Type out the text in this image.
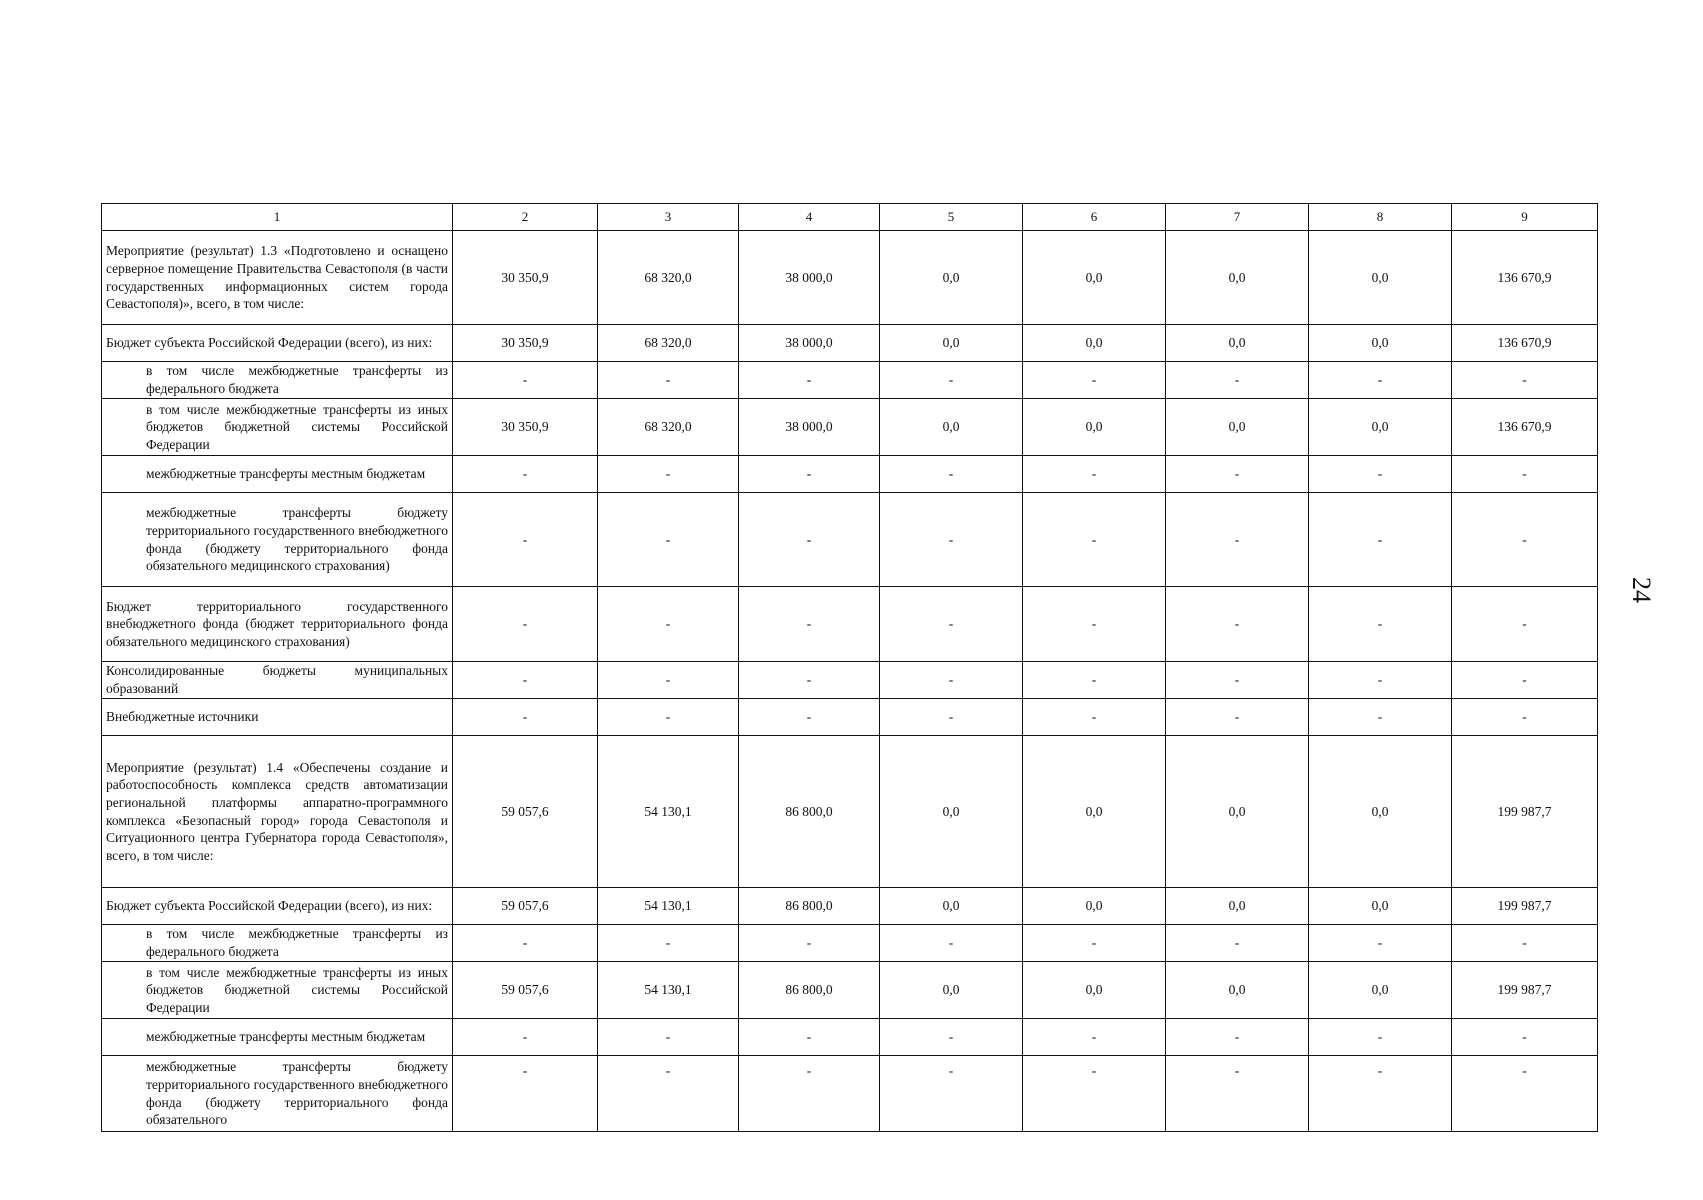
1	2	3	4	5	6	7	8	9
Мероприятие (результат) 1.3 «Подготовлено и оснащено серверное помещение Правительства Севастополя (в части государственных информационных систем города Севастополя)», всего, в том числе:	30 350,9	68 320,0	38 000,0	0,0	0,0	0,0	0,0	136 670,9
Бюджет субъекта Российской Федерации (всего), из них:	30 350,9	68 320,0	38 000,0	0,0	0,0	0,0	0,0	136 670,9
в том числе межбюджетные трансферты из федерального бюджета	-	-	-	-	-	-	-	-
в том числе межбюджетные трансферты из иных бюджетов бюджетной системы Российской Федерации	30 350,9	68 320,0	38 000,0	0,0	0,0	0,0	0,0	136 670,9
межбюджетные трансферты местным бюджетам	-	-	-	-	-	-	-	-
межбюджетные трансферты бюджету территориального государственного внебюджетного фонда (бюджету территориального фонда обязательного медицинского страхования)	-	-	-	-	-	-	-	-
Бюджет территориального государственного внебюджетного фонда (бюджет территориального фонда обязательного медицинского страхования)	-	-	-	-	-	-	-	-
Консолидированные бюджеты муниципальных образований	-	-	-	-	-	-	-	-
Внебюджетные источники	-	-	-	-	-	-	-	-
Мероприятие (результат) 1.4 «Обеспечены создание и работоспособность комплекса средств автоматизации региональной платформы аппаратно-программного комплекса «Безопасный город» города Севастополя и Ситуационного центра Губернатора города Севастополя», всего, в том числе:	59 057,6	54 130,1	86 800,0	0,0	0,0	0,0	0,0	199 987,7
Бюджет субъекта Российской Федерации (всего), из них:	59 057,6	54 130,1	86 800,0	0,0	0,0	0,0	0,0	199 987,7
в том числе межбюджетные трансферты из федерального бюджета	-	-	-	-	-	-	-	-
в том числе межбюджетные трансферты из иных бюджетов бюджетной системы Российской Федерации	59 057,6	54 130,1	86 800,0	0,0	0,0	0,0	0,0	199 987,7
межбюджетные трансферты местным бюджетам	-	-	-	-	-	-	-	-
межбюджетные трансферты бюджету территориального государственного внебюджетного фонда (бюджету территориального фонда обязательного	-	-	-	-	-	-	-	-
24
